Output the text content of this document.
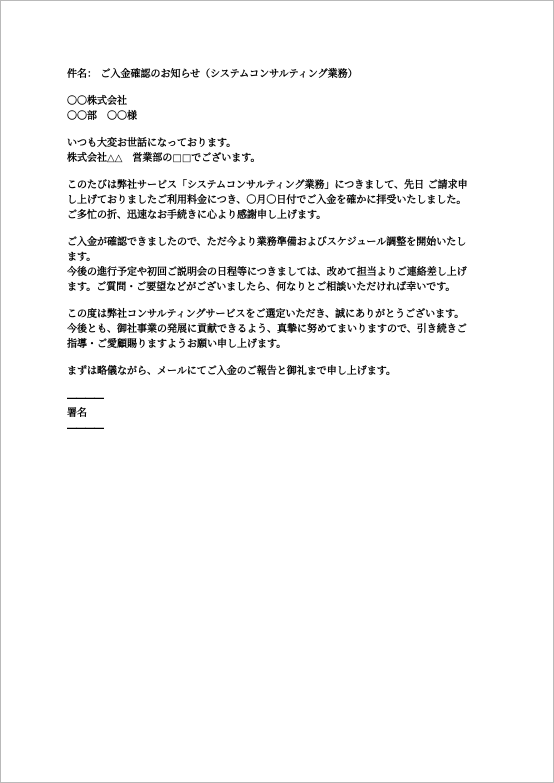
件名： ご入金確認のお知らせ（システムコンサルティング業務）
〇〇株式会社
〇〇部　〇〇様
いつも大変お世話になっております。
株式会社△△　営業部の□□でございます。
このたびは弊社サービス「システムコンサルティング業務」につきまして、先日 ご請求申
し上げておりましたご利用料金につき、〇月〇日付でご入金を確かに拝受いたしました。
ご多忙の折、迅速なお手続きに心より感謝申し上げます。
ご入金が確認できましたので、ただ今より業務準備およびスケジュール調整を開始いたし
ます。
今後の進行予定や初回ご説明会の日程等につきましては、改めて担当よりご連絡差し上げ
ます。ご質問・ご要望などがございましたら、何なりとご相談いただければ幸いです。
この度は弊社コンサルティングサービスをご選定いただき、誠にありがとうございます。
今後とも、御社事業の発展に貢献できるよう、真摯に努めてまいりますので、引き続きご
指導・ご愛顧賜りますようお願い申し上げます。
まずは略儀ながら、メールにてご入金のご報告と御礼まで申し上げます。
――――
署名
――――
